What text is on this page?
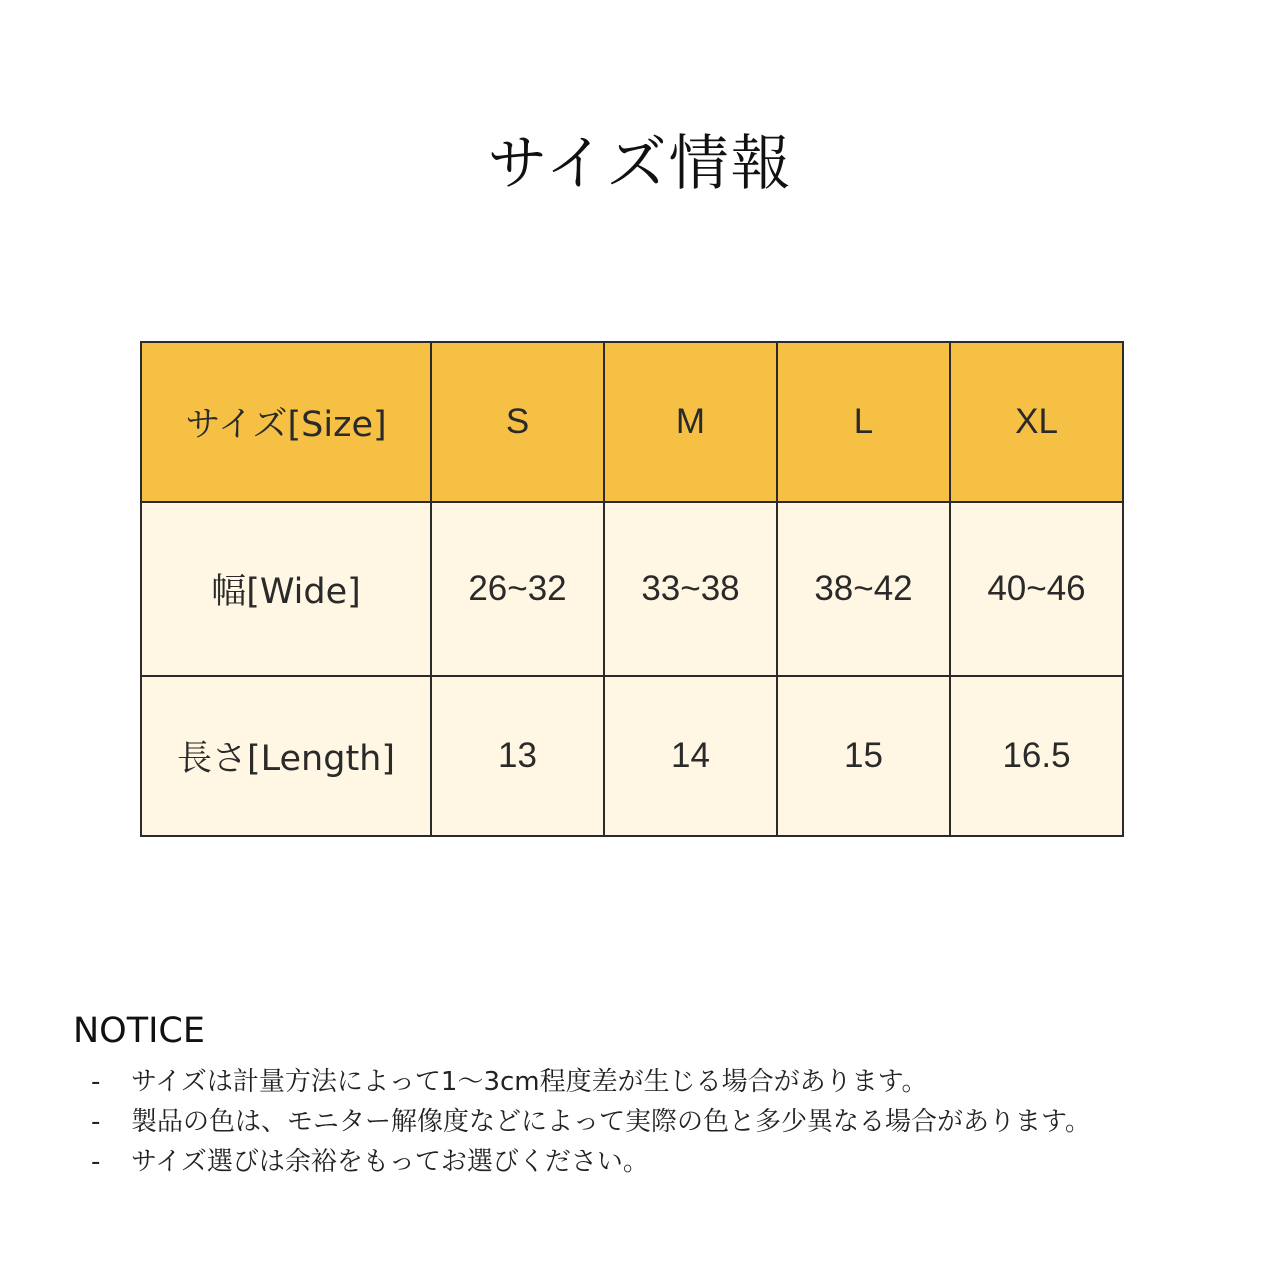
サイズ情報
サイズ[Size]	S	M	L	XL
幅[Wide]	26~32	33~38	38~42	40~46
長さ[Length]	13	14	15	16.5
NOTICE
-	サイズは計量方法によって1〜3cm程度差が生じる場合があります。
-	製品の色は、モニター解像度などによって実際の色と多少異なる場合があります。
-	サイズ選びは余裕をもってお選びください。
